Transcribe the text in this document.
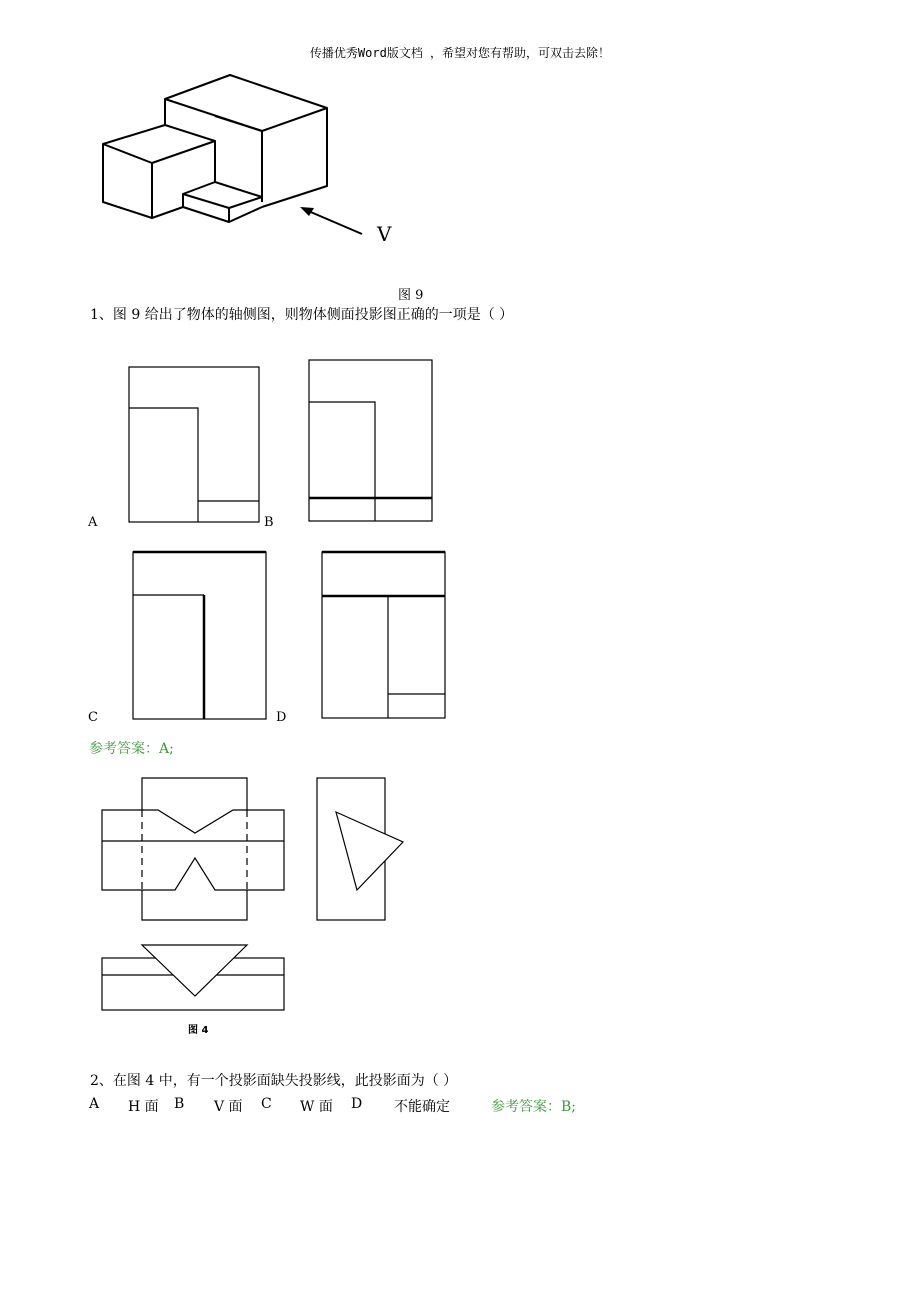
传播优秀Word版文档 ，希望对您有帮助，可双击去除！
V
图 9
1、图 9 给出了物体的轴侧图，则物体侧面投影图正确的一项是（ ）
A	B
C	D
参考答案：A;
图 4
2、在图 4 中，有一个投影面缺失投影线，此投影面为（ ）
A H 面 B V 面 C W 面 D 不能确定	参考答案：B;
